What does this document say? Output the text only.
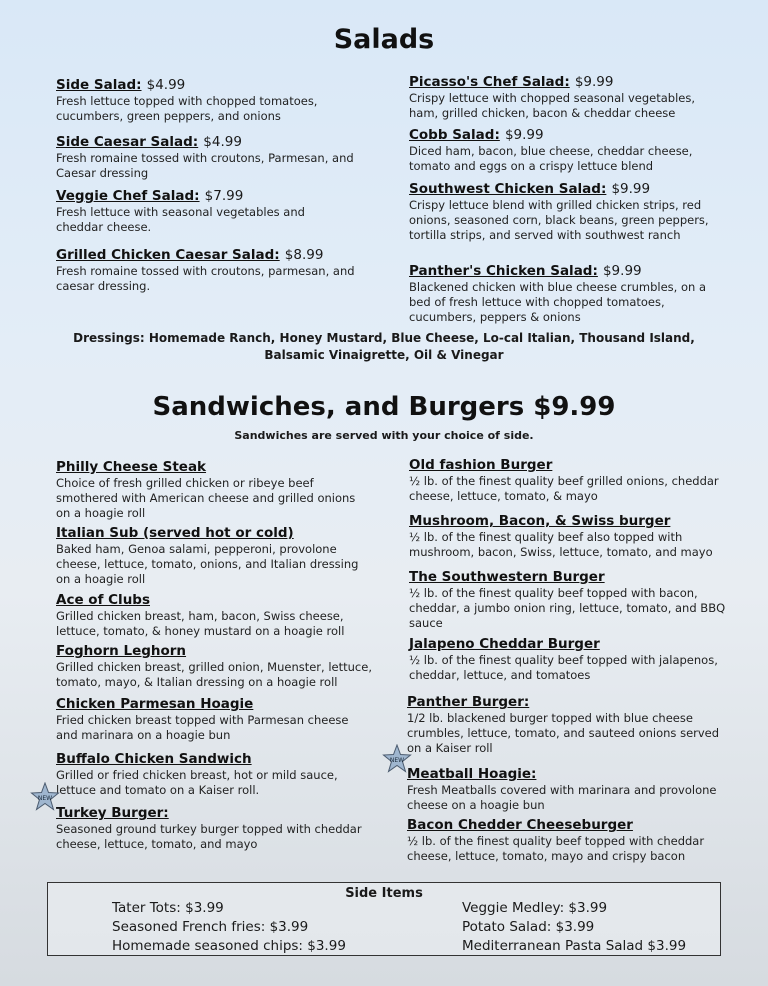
Salads
Side Salad: $4.99
Fresh lettuce topped with chopped tomatoes, cucumbers, green peppers, and onions
Side Caesar Salad: $4.99
Fresh romaine tossed with croutons, Parmesan, and Caesar dressing
Veggie Chef Salad: $7.99
Fresh lettuce with seasonal vegetables and cheddar cheese.
Grilled Chicken Caesar Salad: $8.99
Fresh romaine tossed with croutons, parmesan, and caesar dressing.
Picasso's Chef Salad: $9.99
Crispy lettuce with chopped seasonal vegetables, ham, grilled chicken, bacon & cheddar cheese
Cobb Salad: $9.99
Diced ham, bacon, blue cheese, cheddar cheese, tomato and eggs on a crispy lettuce blend
Southwest Chicken Salad: $9.99
Crispy lettuce blend with grilled chicken strips, red onions, seasoned corn, black beans, green peppers, tortilla strips, and served with southwest ranch
Panther's Chicken Salad: $9.99
Blackened chicken with blue cheese crumbles, on a bed of fresh lettuce with chopped tomatoes, cucumbers, peppers & onions
Dressings: Homemade Ranch, Honey Mustard, Blue Cheese, Lo-cal Italian, Thousand Island,
Balsamic Vinaigrette, Oil & Vinegar
Sandwiches, and Burgers $9.99
Sandwiches are served with your choice of side.
Philly Cheese Steak
Choice of fresh grilled chicken or ribeye beef smothered with American cheese and grilled onions on a hoagie roll
Italian Sub (served hot or cold)
Baked ham, Genoa salami, pepperoni, provolone cheese, lettuce, tomato, onions, and Italian dressing on a hoagie roll
Ace of Clubs
Grilled chicken breast, ham, bacon, Swiss cheese, lettuce, tomato, & honey mustard on a hoagie roll
Foghorn Leghorn
Grilled chicken breast, grilled onion, Muenster, lettuce, tomato, mayo, & Italian dressing on a hoagie roll
Chicken Parmesan Hoagie
Fried chicken breast topped with Parmesan cheese and marinara on a hoagie bun
Buffalo Chicken Sandwich
Grilled or fried chicken breast, hot or mild sauce, lettuce and tomato on a Kaiser roll.
Turkey Burger:
Seasoned ground turkey burger topped with cheddar cheese, lettuce, tomato, and mayo
Old fashion Burger
½ lb. of the finest quality beef grilled onions, cheddar cheese, lettuce, tomato, & mayo
Mushroom, Bacon, & Swiss burger
½ lb. of the finest quality beef also topped with mushroom, bacon, Swiss, lettuce, tomato, and mayo
The Southwestern Burger
½ lb. of the finest quality beef topped with bacon, cheddar, a jumbo onion ring, lettuce, tomato, and BBQ sauce
Jalapeno Cheddar Burger
½ lb. of the finest quality beef topped with jalapenos, cheddar, lettuce, and tomatoes
Panther Burger:
1/2 lb. blackened burger topped with blue cheese crumbles, lettuce, tomato, and sauteed onions served on a Kaiser roll
Meatball Hoagie:
Fresh Meatballs covered with marinara and provolone cheese on a hoagie bun
Bacon Chedder Cheeseburger
½ lb. of the finest quality beef topped with cheddar cheese, lettuce, tomato, mayo and crispy bacon
NEW
NEW
Side Items
Tater Tots: $3.99
Seasoned French fries: $3.99
Homemade seasoned chips: $3.99
Veggie Medley: $3.99
Potato Salad: $3.99
Mediterranean Pasta Salad $3.99
